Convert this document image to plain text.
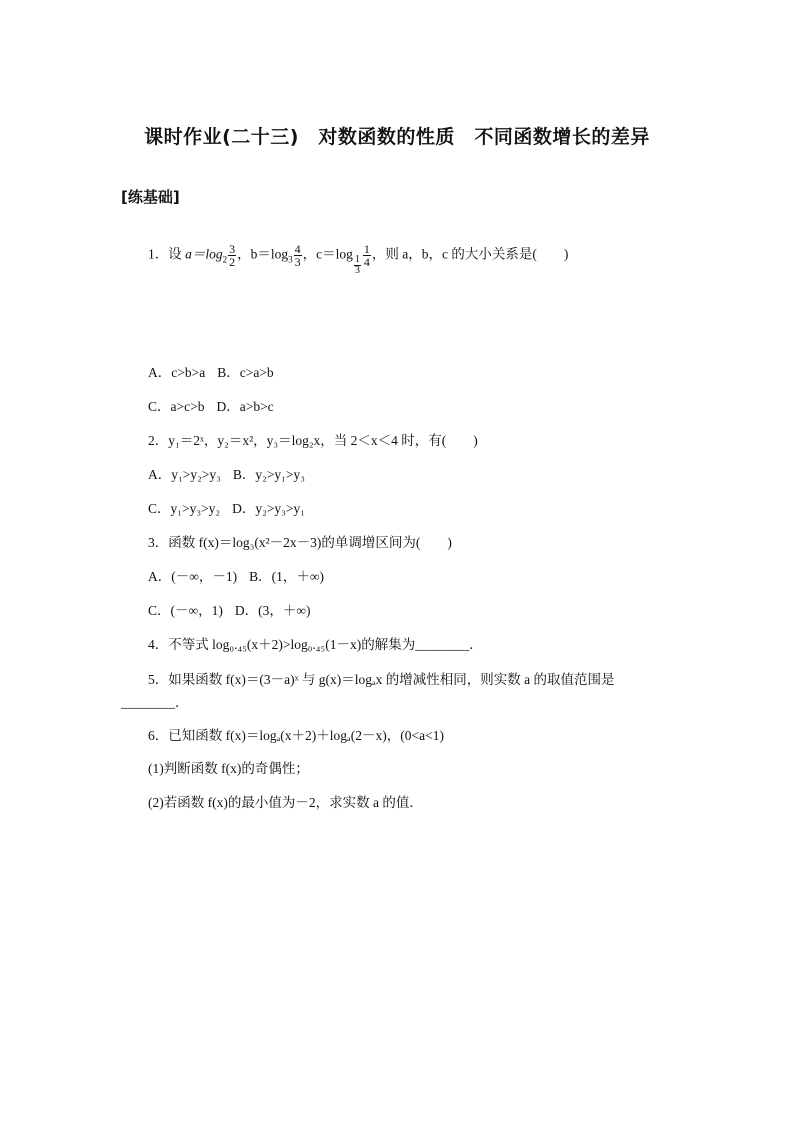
课时作业(二十三)　对数函数的性质　不同函数增长的差异
[练基础]
1．设 $a=\log_2 \frac{3}{2}$ ，$b=\log_3 \frac{4}{3}$ ，c＝log
$\frac{1}{3} \frac{1}{4}$ ，则 a，b，c 的大小关系是(　　)
A．c>b>a B．c>a>b
C．a>c>b D．a>b>c
2．y₁＝2ˣ，y₂＝x²，y₃＝log₂x，当 2＜x＜4 时，有(　　)
A．y₁>y₂>y₃ B．y₂>y₁>y₃
C．y₁>y₃>y₂ D．y₂>y₃>y₁
3．函数 f(x)＝log₃(x²－2x－3)的单调增区间为(　　)
A．(－∞，－1) B．(1，＋∞)
C．(－∞，1) D．(3，＋∞)
4．不等式 log₀.₄₅(x＋2)>log₀.₄₅(1－x)的解集为________．
5．如果函数 f(x)＝(3－a)ˣ 与 g(x)＝logₐx 的增减性相同，则实数 a 的取值范围是
________．
6．已知函数 f(x)＝logₐ(x＋2)＋logₐ(2－x)，(0<a<1)
(1)判断函数 f(x)的奇偶性；
(2)若函数 f(x)的最小值为－2，求实数 a 的值．
